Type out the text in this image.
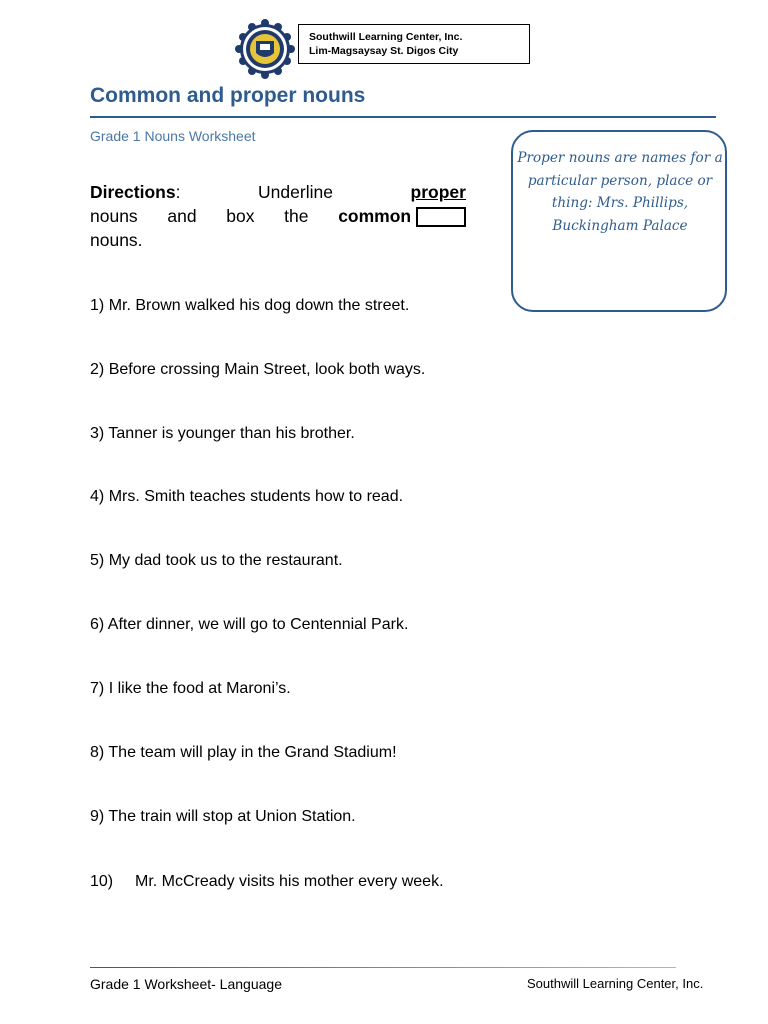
Southwill Learning Center, Inc.
Lim-Magsaysay St. Digos City
Common and proper nouns
Grade 1 Nouns Worksheet
Proper nouns are names for a particular person, place or thing: Mrs. Phillips, Buckingham Palace
Directions:	Underline	proper
nouns and box the common
nouns.
1) Mr. Brown walked his dog down the street.
2) Before crossing Main Street, look both ways.
3) Tanner is younger than his brother.
4) Mrs. Smith teaches students how to read.
5) My dad took us to the restaurant.
6) After dinner, we will go to Centennial Park.
7) I like the food at Maroni’s.
8) The team will play in the Grand Stadium!
9) The train will stop at Union Station.
10) Mr. McCready visits his mother every week.
Grade 1 Worksheet- Language	Southwill Learning Center, Inc.
